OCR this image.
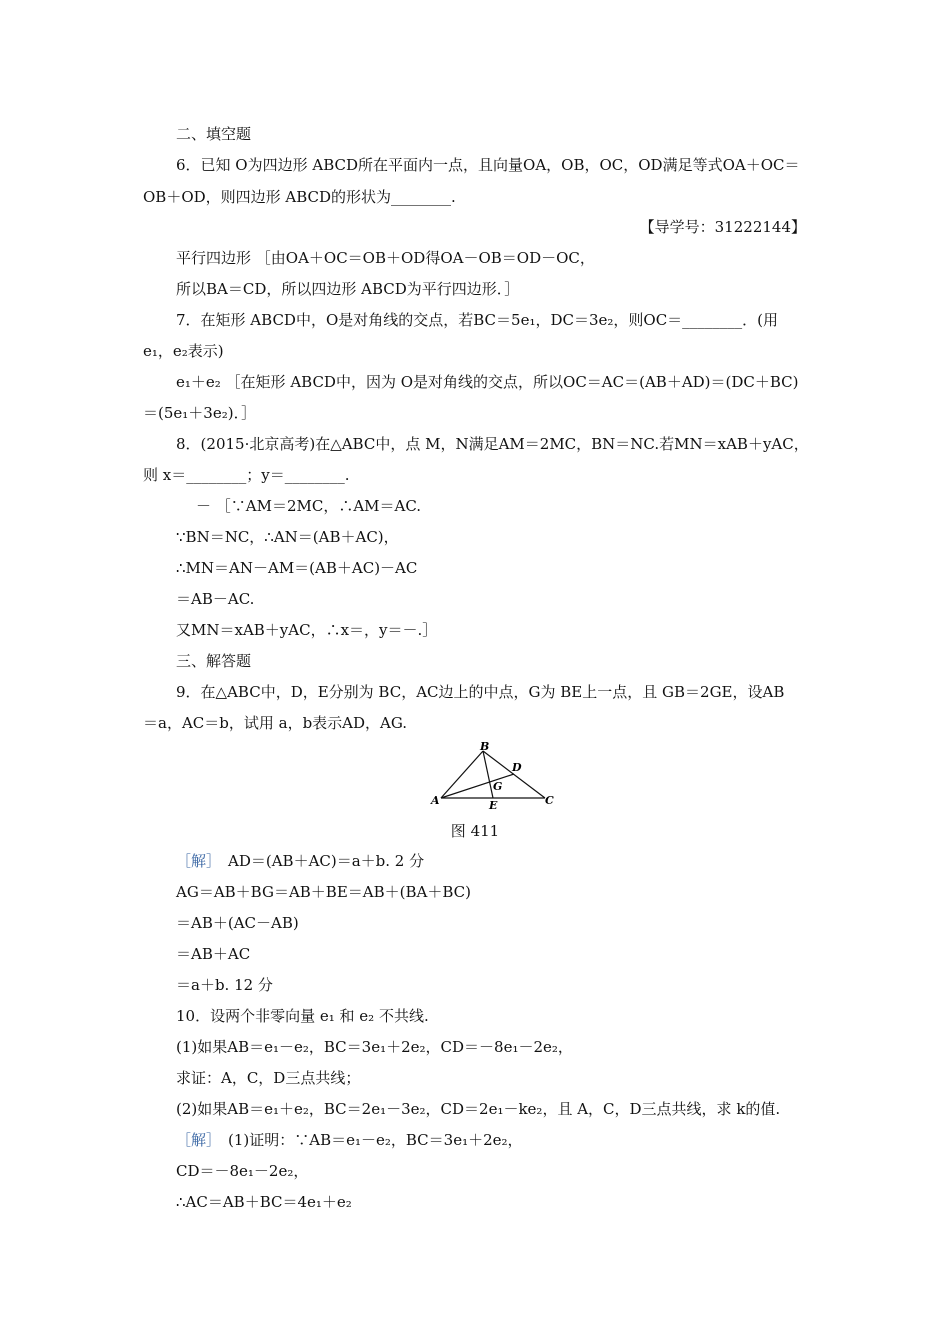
二、填空题
6．已知 O为四边形 ABCD所在平面内一点，且向量OA，OB，OC，OD满足等式OA＋OC＝
OB＋OD，则四边形 ABCD的形状为________.
【导学号：31222144】
平行四边形 ［由OA＋OC＝OB＋OD得OA－OB＝OD－OC，
所以BA＝CD，所以四边形 ABCD为平行四边形．］
7．在矩形 ABCD中，O是对角线的交点，若BC＝5e₁，DC＝3e₂，则OC＝________．(用
e₁，e₂表示)
e₁＋e₂ ［在矩形 ABCD中，因为 O是对角线的交点，所以OC＝AC＝(AB＋AD)＝(DC＋BC)
＝(5e₁＋3e₂)．］
8．(2015·北京高考)在△ABC中，点 M，N满足AM＝2MC，BN＝NC.若MN＝xAB＋yAC，
则 x＝________；y＝________.
－ ［∵AM＝2MC，∴AM＝AC.
∵BN＝NC，∴AN＝(AB＋AC)，
∴MN＝AN－AM＝(AB＋AC)－AC
＝AB－AC.
又MN＝xAB＋yAC，∴x＝，y＝－.］
三、解答题
9．在△ABC中，D，E分别为 BC，AC边上的中点，G为 BE上一点，且 GB＝2GE，设AB
＝a，AC＝b，试用 a，b表示AD，AG.
B
D
G
A	E	C
图 411
［解］ AD＝(AB＋AC)＝a＋b. 2 分
AG＝AB＋BG＝AB＋BE＝AB＋(BA＋BC)
＝AB＋(AC－AB)
＝AB＋AC
＝a＋b. 12 分
10．设两个非零向量 e₁ 和 e₂ 不共线.
(1)如果AB＝e₁－e₂，BC＝3e₁＋2e₂，CD＝－8e₁－2e₂，
求证：A，C，D三点共线；
(2)如果AB＝e₁＋e₂，BC＝2e₁－3e₂，CD＝2e₁－ke₂，且 A，C，D三点共线，求 k的值.
［解］ (1)证明：∵AB＝e₁－e₂，BC＝3e₁＋2e₂，
CD＝－8e₁－2e₂，
∴AC＝AB＋BC＝4e₁＋e₂
